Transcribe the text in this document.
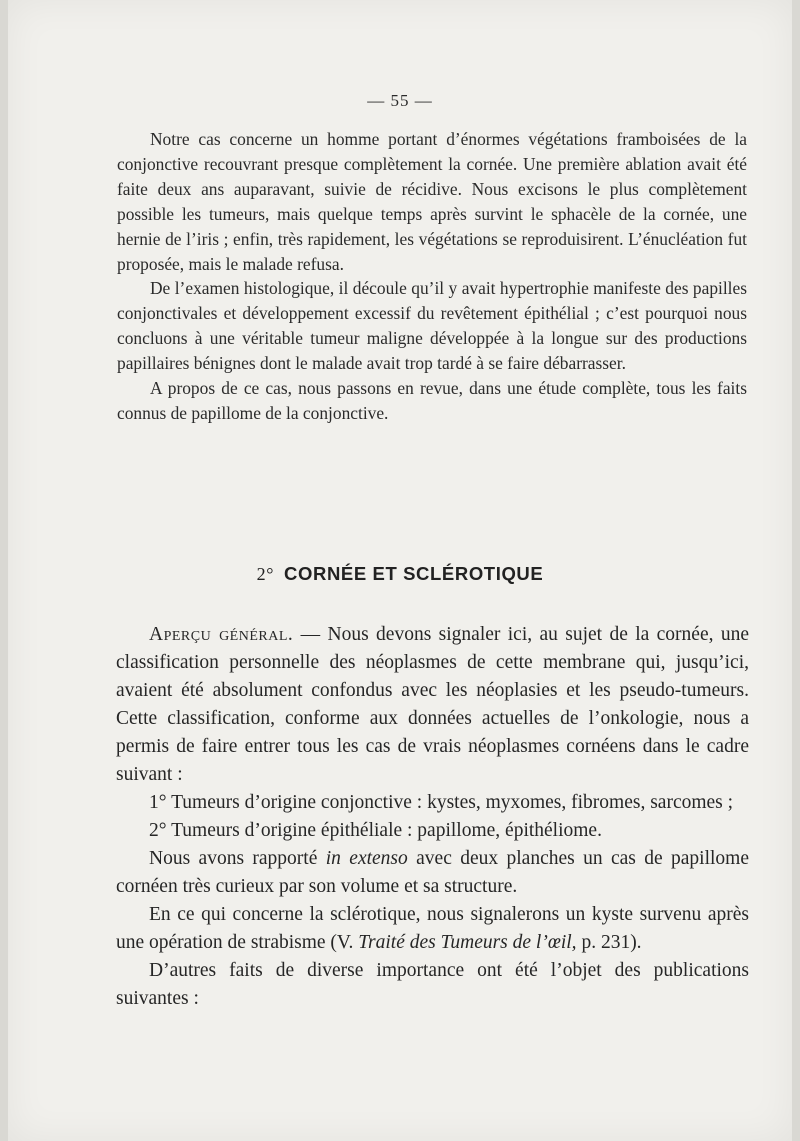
— 55 —

Notre cas concerne un homme portant d’énormes végétations framboisées de la conjonctive recouvrant presque complètement la cornée. Une première ablation avait été faite deux ans auparavant, suivie de récidive. Nous excisons le plus complètement possible les tumeurs, mais quelque temps après survint le sphacèle de la cornée, une hernie de l’iris ; enfin, très rapidement, les végétations se reproduisirent. L’énucléation fut proposée, mais le malade refusa.

De l’examen histologique, il découle qu’il y avait hypertrophie manifeste des papilles conjonctivales et développement excessif du revêtement épithélial ; c’est pourquoi nous concluons à une véritable tumeur maligne développée à la longue sur des productions papillaires bénignes dont le malade avait trop tardé à se faire débarrasser.

A propos de ce cas, nous passons en revue, dans une étude complète, tous les faits connus de papillome de la conjonctive.

2° CORNÉE ET SCLÉROTIQUE

Aperçu général. — Nous devons signaler ici, au sujet de la cornée, une classification personnelle des néoplasmes de cette membrane qui, jusqu’ici, avaient été absolument confondus avec les néoplasies et les pseudo-tumeurs. Cette classification, conforme aux données actuelles de l’onkologie, nous a permis de faire entrer tous les cas de vrais néoplasmes cornéens dans le cadre suivant :

1° Tumeurs d’origine conjonctive : kystes, myxomes, fibromes, sarcomes ;

2° Tumeurs d’origine épithéliale : papillome, épithéliome.

Nous avons rapporté in extenso avec deux planches un cas de papillome cornéen très curieux par son volume et sa structure.

En ce qui concerne la sclérotique, nous signalerons un kyste survenu après une opération de strabisme (V. Traité des Tumeurs de l’œil, p. 231).

D’autres faits de diverse importance ont été l’objet des publications suivantes :
